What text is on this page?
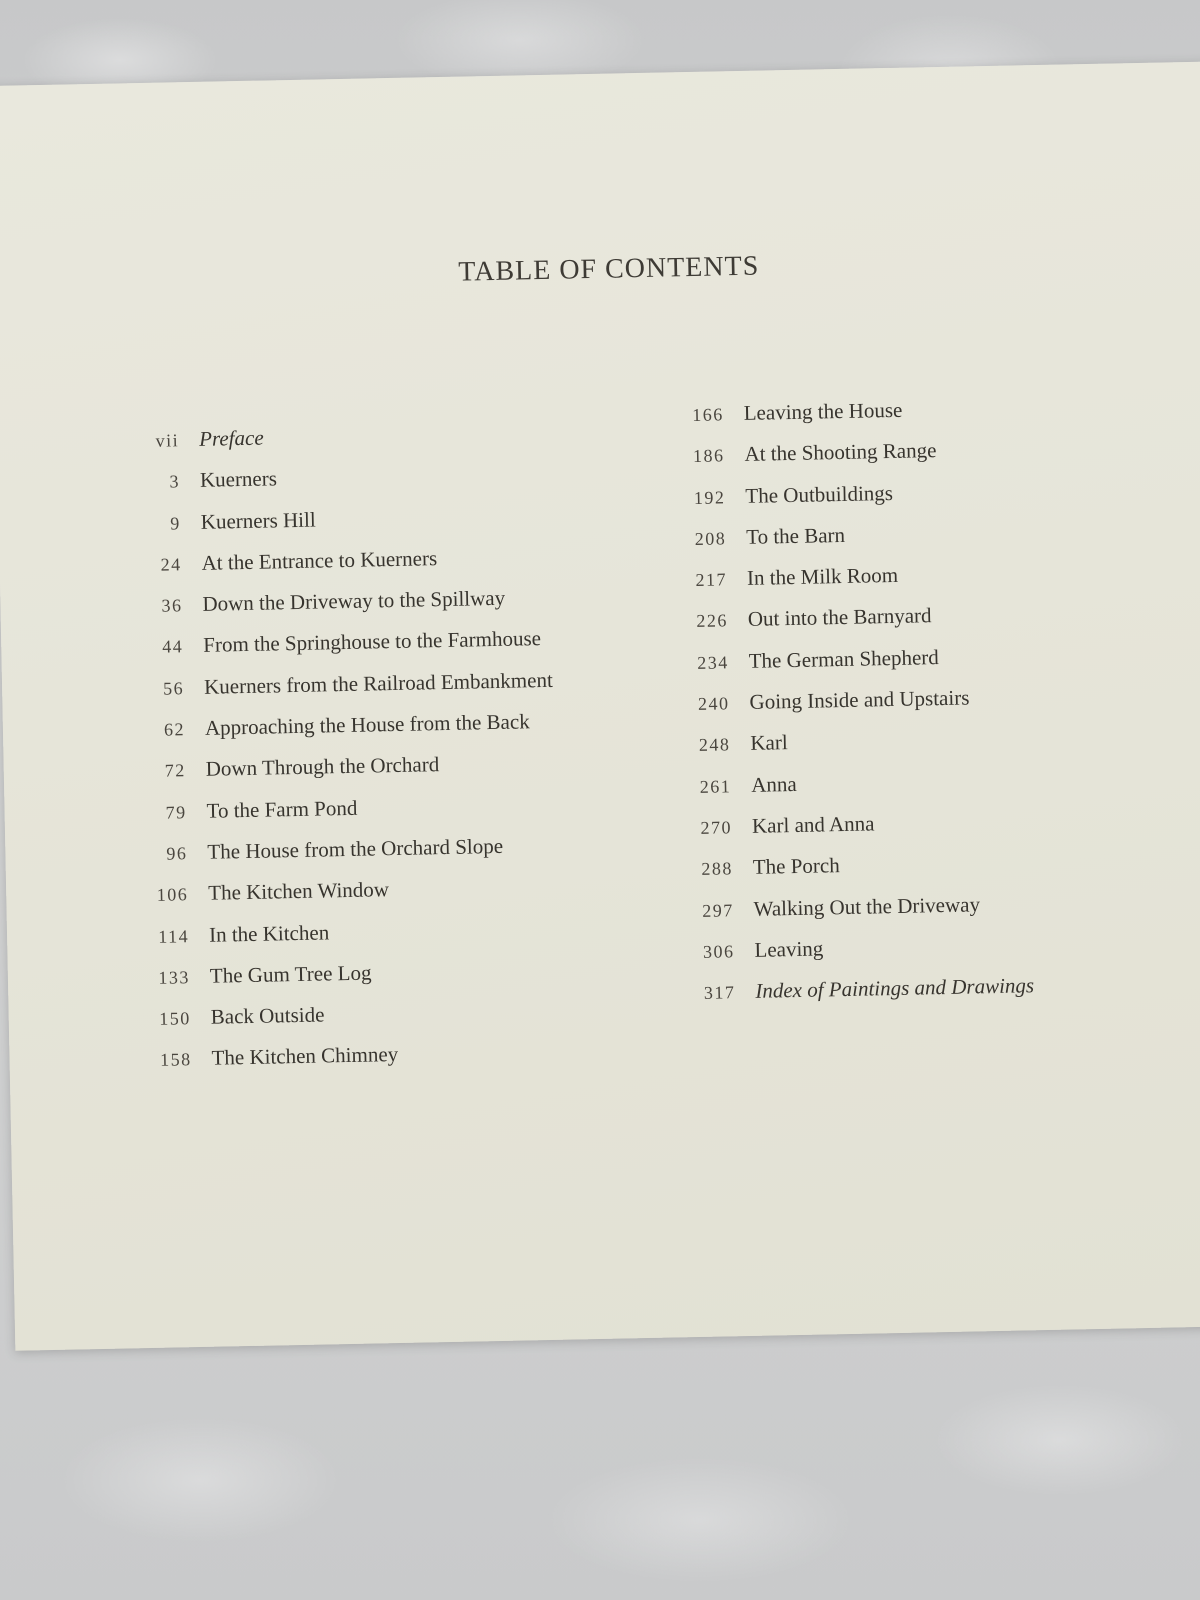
TABLE OF CONTENTS
vii Preface
3 Kuerners
9 Kuerners Hill
24 At the Entrance to Kuerners
36 Down the Driveway to the Spillway
44 From the Springhouse to the Farmhouse
56 Kuerners from the Railroad Embankment
62 Approaching the House from the Back
72 Down Through the Orchard
79 To the Farm Pond
96 The House from the Orchard Slope
106 The Kitchen Window
114 In the Kitchen
133 The Gum Tree Log
150 Back Outside
158 The Kitchen Chimney
166 Leaving the House
186 At the Shooting Range
192 The Outbuildings
208 To the Barn
217 In the Milk Room
226 Out into the Barnyard
234 The German Shepherd
240 Going Inside and Upstairs
248 Karl
261 Anna
270 Karl and Anna
288 The Porch
297 Walking Out the Driveway
306 Leaving
317 Index of Paintings and Drawings
